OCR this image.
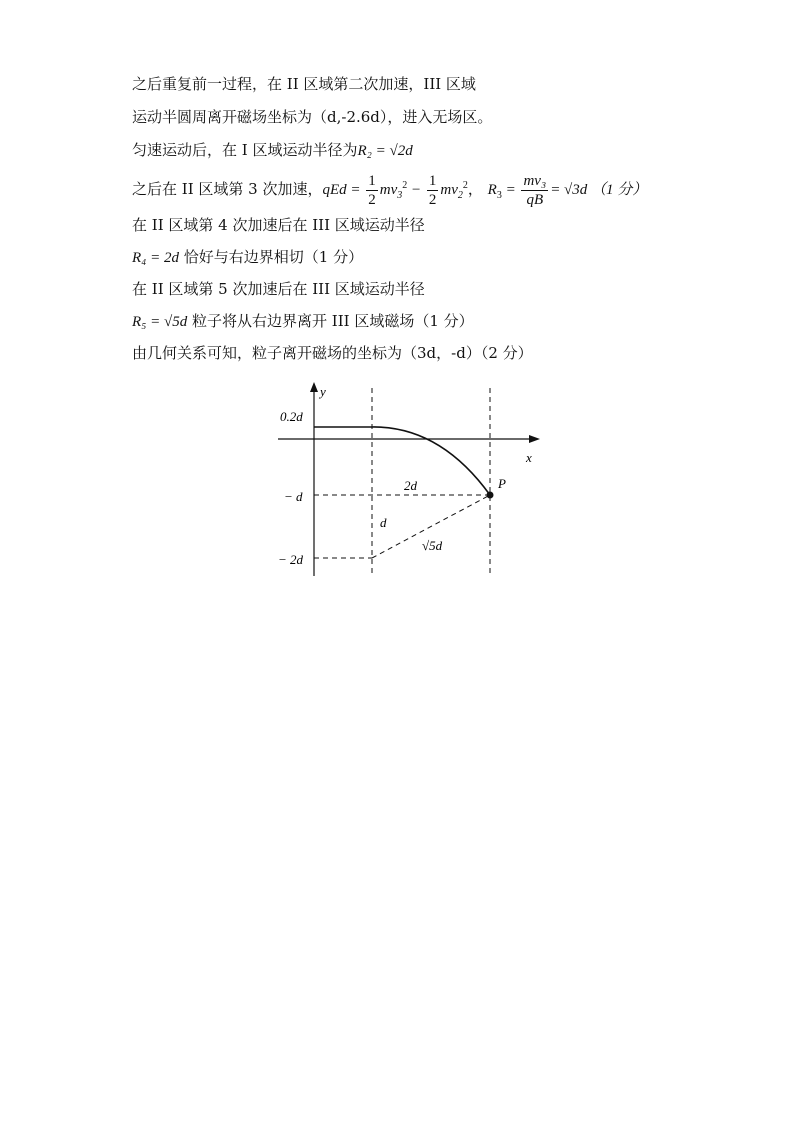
之后重复前一过程，在 II 区域第二次加速，III 区域
运动半圆周离开磁场坐标为（d,-2.6d），进入无场区。
匀速运动后，在 I 区域运动半径为R₂ = √2d
之后在 II 区域第 3 次加速，qEd = $\frac{1}{2} mv_3^2 - \frac{1}{2} mv_2^2$， $R_3 = \frac{\text{mv₃}}{qB} = √3d$ （1 分）
在 II 区域第 4 次加速后在 III 区域运动半径
R₄ = 2d 恰好与右边界相切（1 分）
在 II 区域第 5 次加速后在 III 区域运动半径
R₅ = √5d 粒子将从右边界离开 III 区域磁场（1 分）
由几何关系可知，粒子离开磁场的坐标为（3d，-d）（2 分）
y
x
P
0.2d
− d
− 2d
2d
d
√5d
